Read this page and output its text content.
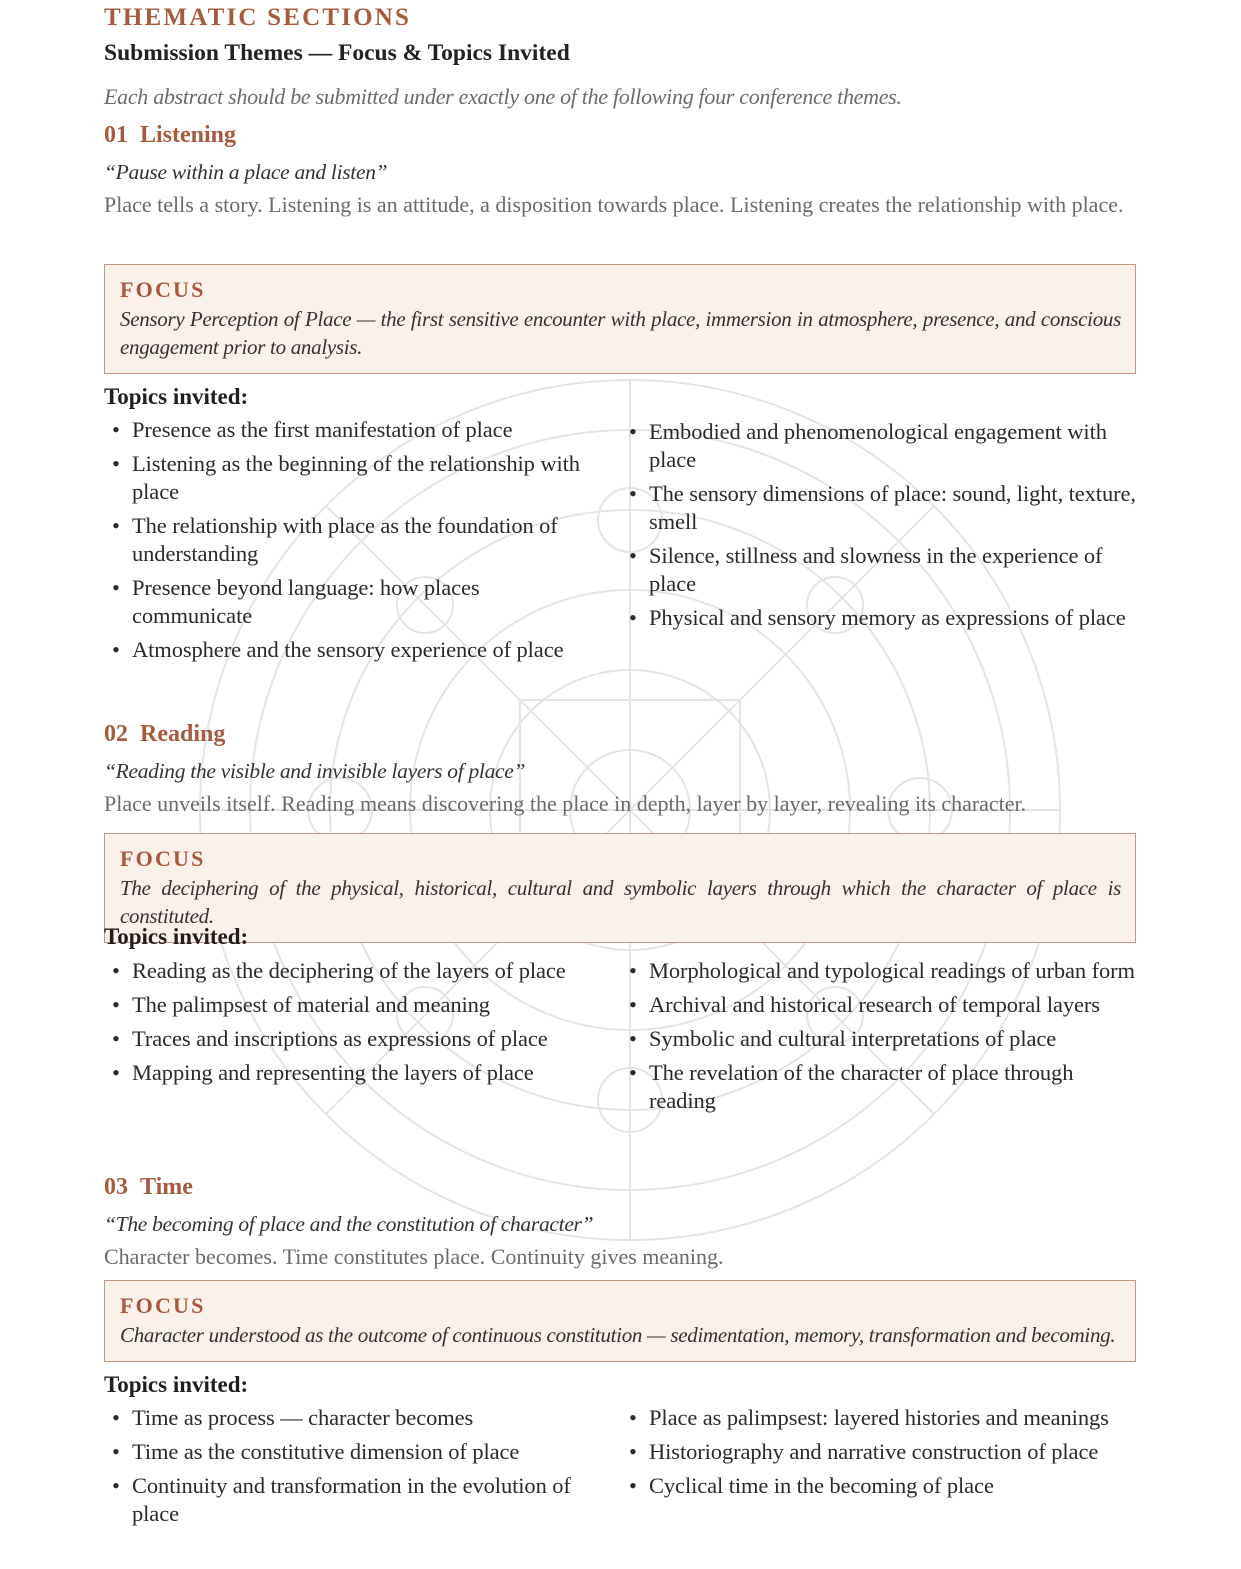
THEMATIC SECTIONS
Submission Themes — Focus & Topics Invited

Each abstract should be submitted under exactly one of the following four conference themes.

01 Listening

“Pause within a place and listen”

Place tells a story. Listening is an attitude, a disposition towards place. Listening creates the relationship with place.

FOCUS

Sensory Perception of Place — the first sensitive encounter with place, immersion in atmosphere, presence, and conscious engagement prior to analysis.

Topics invited:

• Presence as the first manifestation of place
• Listening as the beginning of the relationship with place
• The relationship with place as the foundation of understanding
• Presence beyond language: how places communicate
• Atmosphere and the sensory experience of place
• Embodied and phenomenological engagement with place
• The sensory dimensions of place: sound, light, texture, smell
• Silence, stillness and slowness in the experience of place
• Physical and sensory memory as expressions of place
02 Reading

“Reading the visible and invisible layers of place”

Place unveils itself. Reading means discovering the place in depth, layer by layer, revealing its character.

FOCUS

The deciphering of the physical, historical, cultural and symbolic layers through which the character of place is constituted.

Topics invited:

• Reading as the deciphering of the layers of place
• The palimpsest of material and meaning
• Traces and inscriptions as expressions of place
• Mapping and representing the layers of place
• Morphological and typological readings of urban form
• Archival and historical research of temporal layers
• Symbolic and cultural interpretations of place
• The revelation of the character of place through reading
03 Time

“The becoming of place and the constitution of character”

Character becomes. Time constitutes place. Continuity gives meaning.

FOCUS

Character understood as the outcome of continuous constitution — sedimentation, memory, transformation and becoming.

Topics invited:

• Time as process — character becomes
• Time as the constitutive dimension of place
• Continuity and transformation in the evolution of place
• Place as palimpsest: layered histories and meanings
• Historiography and narrative construction of place
• Cyclical time in the becoming of place
